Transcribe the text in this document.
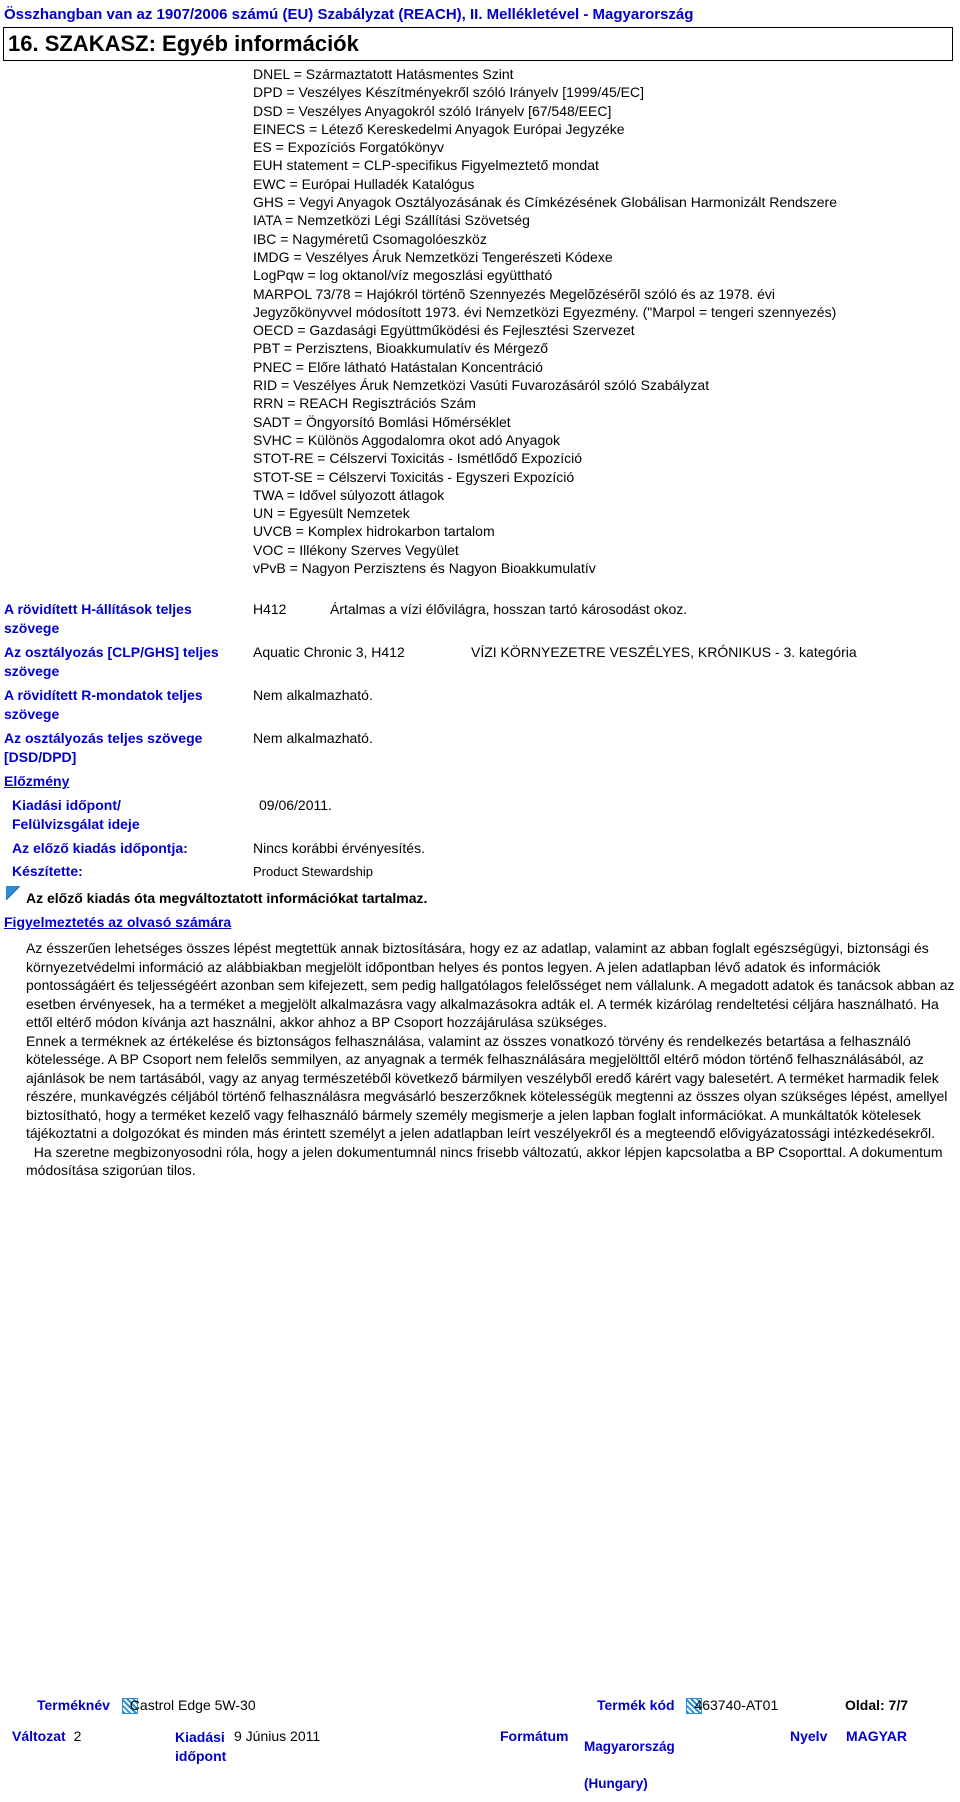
Összhangban van az 1907/2006 számú (EU) Szabályzat (REACH), II. Mellékletével - Magyarország
16. SZAKASZ: Egyéb információk
DNEL = Származtatott Hatásmentes Szint
DPD = Veszélyes Készítményekről szóló Irányelv [1999/45/EC]
DSD = Veszélyes Anyagokról szóló Irányelv [67/548/EEC]
EINECS = Létező Kereskedelmi Anyagok Európai Jegyzéke
ES = Expozíciós Forgatókönyv
EUH statement = CLP-specifikus Figyelmeztető mondat
EWC = Európai Hulladék Katalógus
GHS = Vegyi Anyagok Osztályozásának és Címkézésének Globálisan Harmonizált Rendszere
IATA = Nemzetközi Légi Szállítási Szövetség
IBC = Nagyméretű Csomagolóeszköz
IMDG = Veszélyes Áruk Nemzetközi Tengerészeti Kódexe
LogPqw = log oktanol/víz megoszlási együttható
MARPOL 73/78 = Hajókról történõ Szennyezés Megelõzésérõl szóló és az 1978. évi
Jegyzõkönyvvel módosított 1973. évi Nemzetközi Egyezmény. ("Marpol = tengeri szennyezés)
OECD = Gazdasági Együttműködési és Fejlesztési Szervezet
PBT = Perzisztens, Bioakkumulatív és Mérgező
PNEC = Előre látható Hatástalan Koncentráció
RID = Veszélyes Áruk Nemzetközi Vasúti Fuvarozásáról szóló Szabályzat
RRN = REACH Regisztrációs Szám
SADT = Öngyorsító Bomlási Hőmérséklet
SVHC = Különös Aggodalomra okot adó Anyagok
STOT-RE = Célszervi Toxicitás - Ismétlődő Expozíció
STOT-SE = Célszervi Toxicitás - Egyszeri Expozíció
TWA = Idővel súlyozott átlagok
UN = Egyesült Nemzetek
UVCB = Komplex hidrokarbon tartalom
VOC = Illékony Szerves Vegyület
vPvB = Nagyon Perzisztens és Nagyon Bioakkumulatív
A rövidített H-állítások teljes szövege
H412	Ártalmas a vízi élővilágra, hosszan tartó károsodást okoz.
Az osztályozás [CLP/GHS] teljes szövege
Aquatic Chronic 3, H412	VÍZI KÖRNYEZETRE VESZÉLYES, KRÓNIKUS - 3. kategória
A rövidített R-mondatok teljes szövege
Nem alkalmazható.
Az osztályozás teljes szövege [DSD/DPD]
Nem alkalmazható.
Előzmény
Kiadási időpont/ Felülvizsgálat ideje
09/06/2011.
Az előző kiadás időpontja:	Nincs korábbi érvényesítés.
Készítette:	Product Stewardship
Az előző kiadás óta megváltoztatott információkat tartalmaz.
Figyelmeztetés az olvasó számára

Az ésszerűen lehetséges összes lépést megtettük annak biztosítására, hogy ez az adatlap, valamint az abban foglalt egészségügyi, biztonsági és környezetvédelmi információ az alábbiakban megjelölt időpontban helyes és pontos legyen. A jelen adatlapban lévő adatok és információk pontosságáért és teljességéért azonban sem kifejezett, sem pedig hallgatólagos felelősséget nem vállalunk. A megadott adatok és tanácsok abban az esetben érvényesek, ha a terméket a megjelölt alkalmazásra vagy alkalmazásokra adták el. A termék kizárólag rendeltetési céljára használható. Ha ettől eltérő módon kívánja azt használni, akkor ahhoz a BP Csoport hozzájárulása szükséges.

Ennek a terméknek az értékelése és biztonságos felhasználása, valamint az összes vonatkozó törvény és rendelkezés betartása a felhasználó kötelessége. A BP Csoport nem felelős semmilyen, az anyagnak a termék felhasználására megjelölttől eltérő módon történő felhasználásából, az ajánlások be nem tartásából, vagy az anyag természetéből következő bármilyen veszélyből eredő kárért vagy balesetért. A terméket harmadik felek részére, munkavégzés céljából történő felhasználásra megvásárló beszerzőknek kötelességük megtenni az összes olyan szükséges lépést, amellyel biztosítható, hogy a terméket kezelő vagy felhasználó bármely személy megismerje a jelen lapban foglalt információkat. A munkáltatók kötelesek tájékoztatni a dolgozókat és minden más érintett személyt a jelen adatlapban leírt veszélyekről és a megteendő elővigyázatossági intézkedésekről.

Ha szeretne megbizonyosodni róla, hogy a jelen dokumentumnál nincs frisebb változatú, akkor lépjen kapcsolatba a BP Csoporttal. A dokumentum módosítása szigorúan tilos.

Terméknév Castrol Edge 5W-30	Termék kód 463740-AT01	Oldal: 7/7
Változat 2	Kiadási időpont
9 Június 2011	Formátum
Magyarország (Hungary)
Nyelv MAGYAR
